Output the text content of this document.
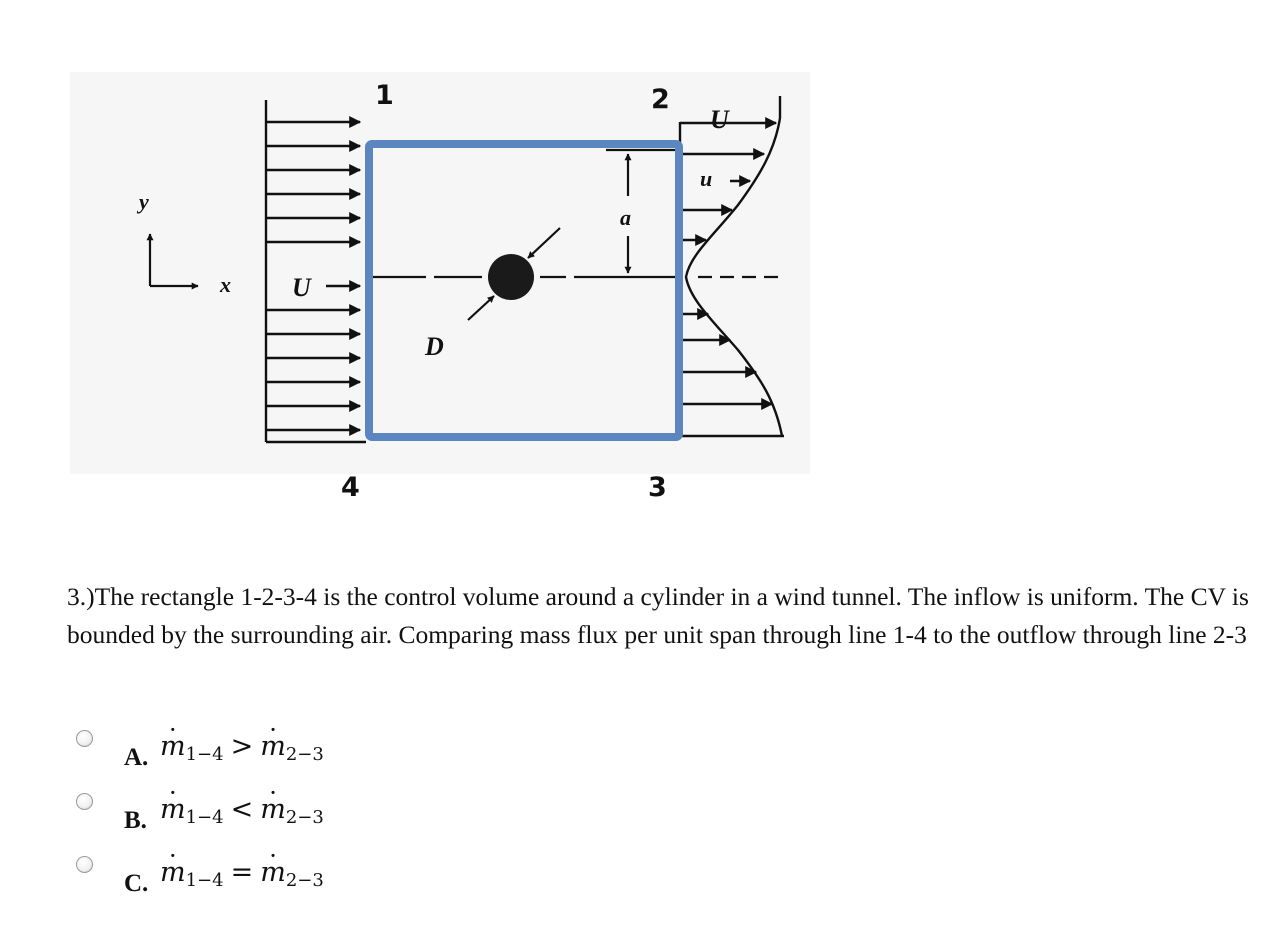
U
y
x
D
a
U
u
1	2
3
4
3.)The rectangle 1-2-3-4 is the control volume around a cylinder in a wind tunnel. The inflow is uniform. The CV is bounded by the surrounding air. Comparing mass flux per unit span through line 1-4 to the outflow through line 2-3
A.
· $m_{1-4} >\cdot m_{2-3}$
B.
· $m_{1-4} <\cdot m_{2-3}$
C.
· $m_{1-4} =\cdot m_{2-3}$
